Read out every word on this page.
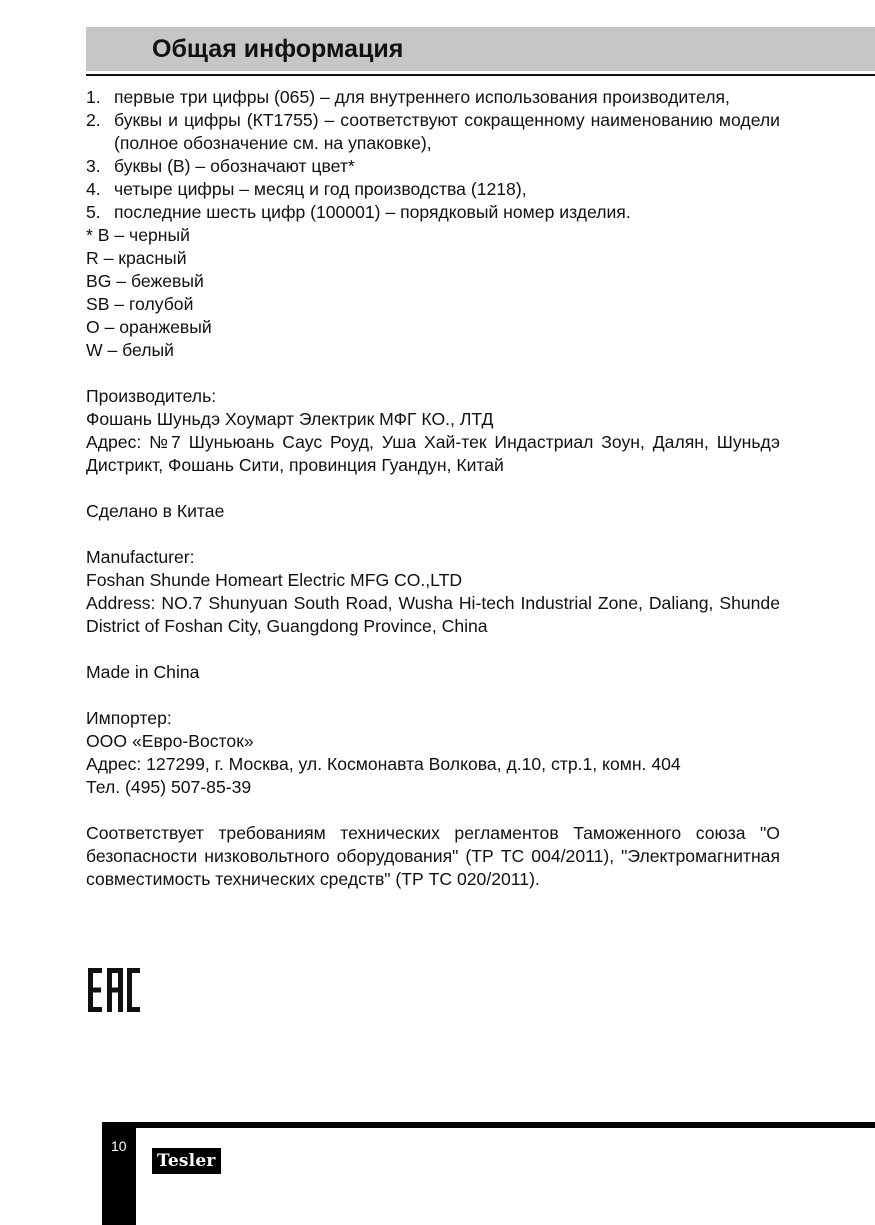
Общая информация
1. первые три цифры (065) – для внутреннего использования производителя,
2. буквы и цифры (КТ1755) – соответствуют сокращенному наименованию модели (полное обозначение см. на упаковке),
3. буквы (В) – обозначают цвет*
4. четыре цифры – месяц и год производства (1218),
5. последние шесть цифр (100001) – порядковый номер изделия.
* B – черный
R – красный
BG – бежевый
SB – голубой
O – оранжевый
W – белый
Производитель:
Фошань Шуньдэ Хоумарт Электрик МФГ КО., ЛТД
Адрес: №7 Шуньюань Саус Роуд, Уша Хай-тек Индастриал Зоун, Далян, Шуньдэ Дистрикт, Фошань Сити, провинция Гуандун, Китай
Сделано в Китае
Manufacturer:
Foshan Shunde Homeart Electric MFG CO.,LTD
Address: NO.7 Shunyuan South Road, Wusha Hi-tech Industrial Zone, Daliang, Shunde District of Foshan City, Guangdong Province, China
Made in China
Импортер:
ООО «Евро-Восток»
Адрес: 127299, г. Москва, ул. Космонавта Волкова, д.10, стр.1, комн. 404
Тел. (495) 507-85-39
Соответствует требованиям технических регламентов Таможенного союза "О безопасности низковольтного оборудования" (ТР ТС 004/2011), "Электромагнитная совместимость технических средств" (ТР ТС 020/2011).
10
Tesler
